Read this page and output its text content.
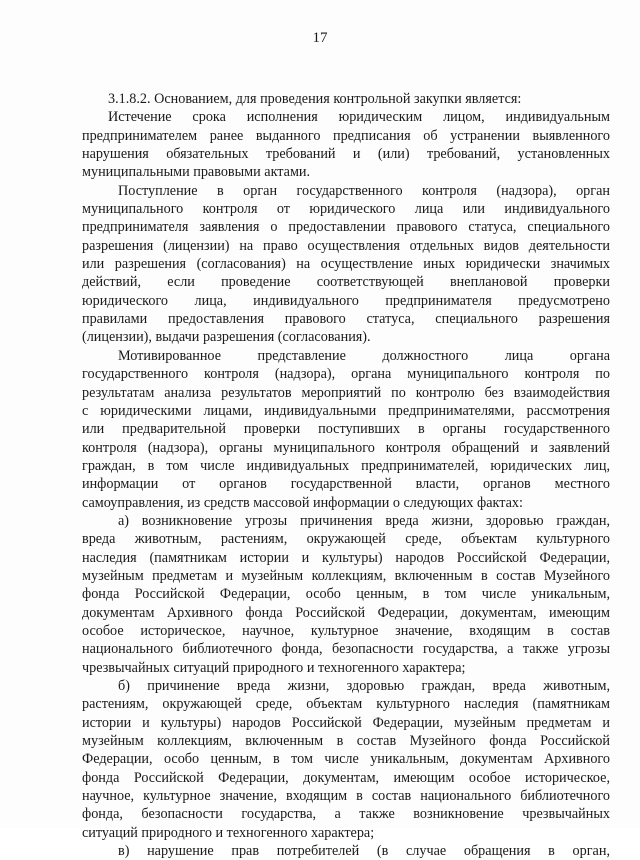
17
3.1.8.2. Основанием, для проведения контрольной закупки является:
Истечение срока исполнения юридическим лицом, индивидуальным
предпринимателем ранее выданного предписания об устранении выявленного
нарушения обязательных требований и (или) требований, установленных
муниципальными правовыми актами.
Поступление в орган государственного контроля (надзора), орган
муниципального контроля от юридического лица или индивидуального
предпринимателя заявления о предоставлении правового статуса, специального
разрешения (лицензии) на право осуществления отдельных видов деятельности
или разрешения (согласования) на осуществление иных юридически значимых
действий, если проведение соответствующей внеплановой проверки
юридического лица, индивидуального предпринимателя предусмотрено
правилами предоставления правового статуса, специального разрешения
(лицензии), выдачи разрешения (согласования).
Мотивированное представление должностного лица органа
государственного контроля (надзора), органа муниципального контроля по
результатам анализа результатов мероприятий по контролю без взаимодействия
с юридическими лицами, индивидуальными предпринимателями, рассмотрения
или предварительной проверки поступивших в органы государственного
контроля (надзора), органы муниципального контроля обращений и заявлений
граждан, в том числе индивидуальных предпринимателей, юридических лиц,
информации от органов государственной власти, органов местного
самоуправления, из средств массовой информации о следующих фактах:
а) возникновение угрозы причинения вреда жизни, здоровью граждан,
вреда животным, растениям, окружающей среде, объектам культурного
наследия (памятникам истории и культуры) народов Российской Федерации,
музейным предметам и музейным коллекциям, включенным в состав Музейного
фонда Российской Федерации, особо ценным, в том числе уникальным,
документам Архивного фонда Российской Федерации, документам, имеющим
особое историческое, научное, культурное значение, входящим в состав
национального библиотечного фонда, безопасности государства, а также угрозы
чрезвычайных ситуаций природного и техногенного характера;
б) причинение вреда жизни, здоровью граждан, вреда животным,
растениям, окружающей среде, объектам культурного наследия (памятникам
истории и культуры) народов Российской Федерации, музейным предметам и
музейным коллекциям, включенным в состав Музейного фонда Российской
Федерации, особо ценным, в том числе уникальным, документам Архивного
фонда Российской Федерации, документам, имеющим особое историческое,
научное, культурное значение, входящим в состав национального библиотечного
фонда, безопасности государства, а также возникновение чрезвычайных
ситуаций природного и техногенного характера;
в) нарушение прав потребителей (в случае обращения в орган,
